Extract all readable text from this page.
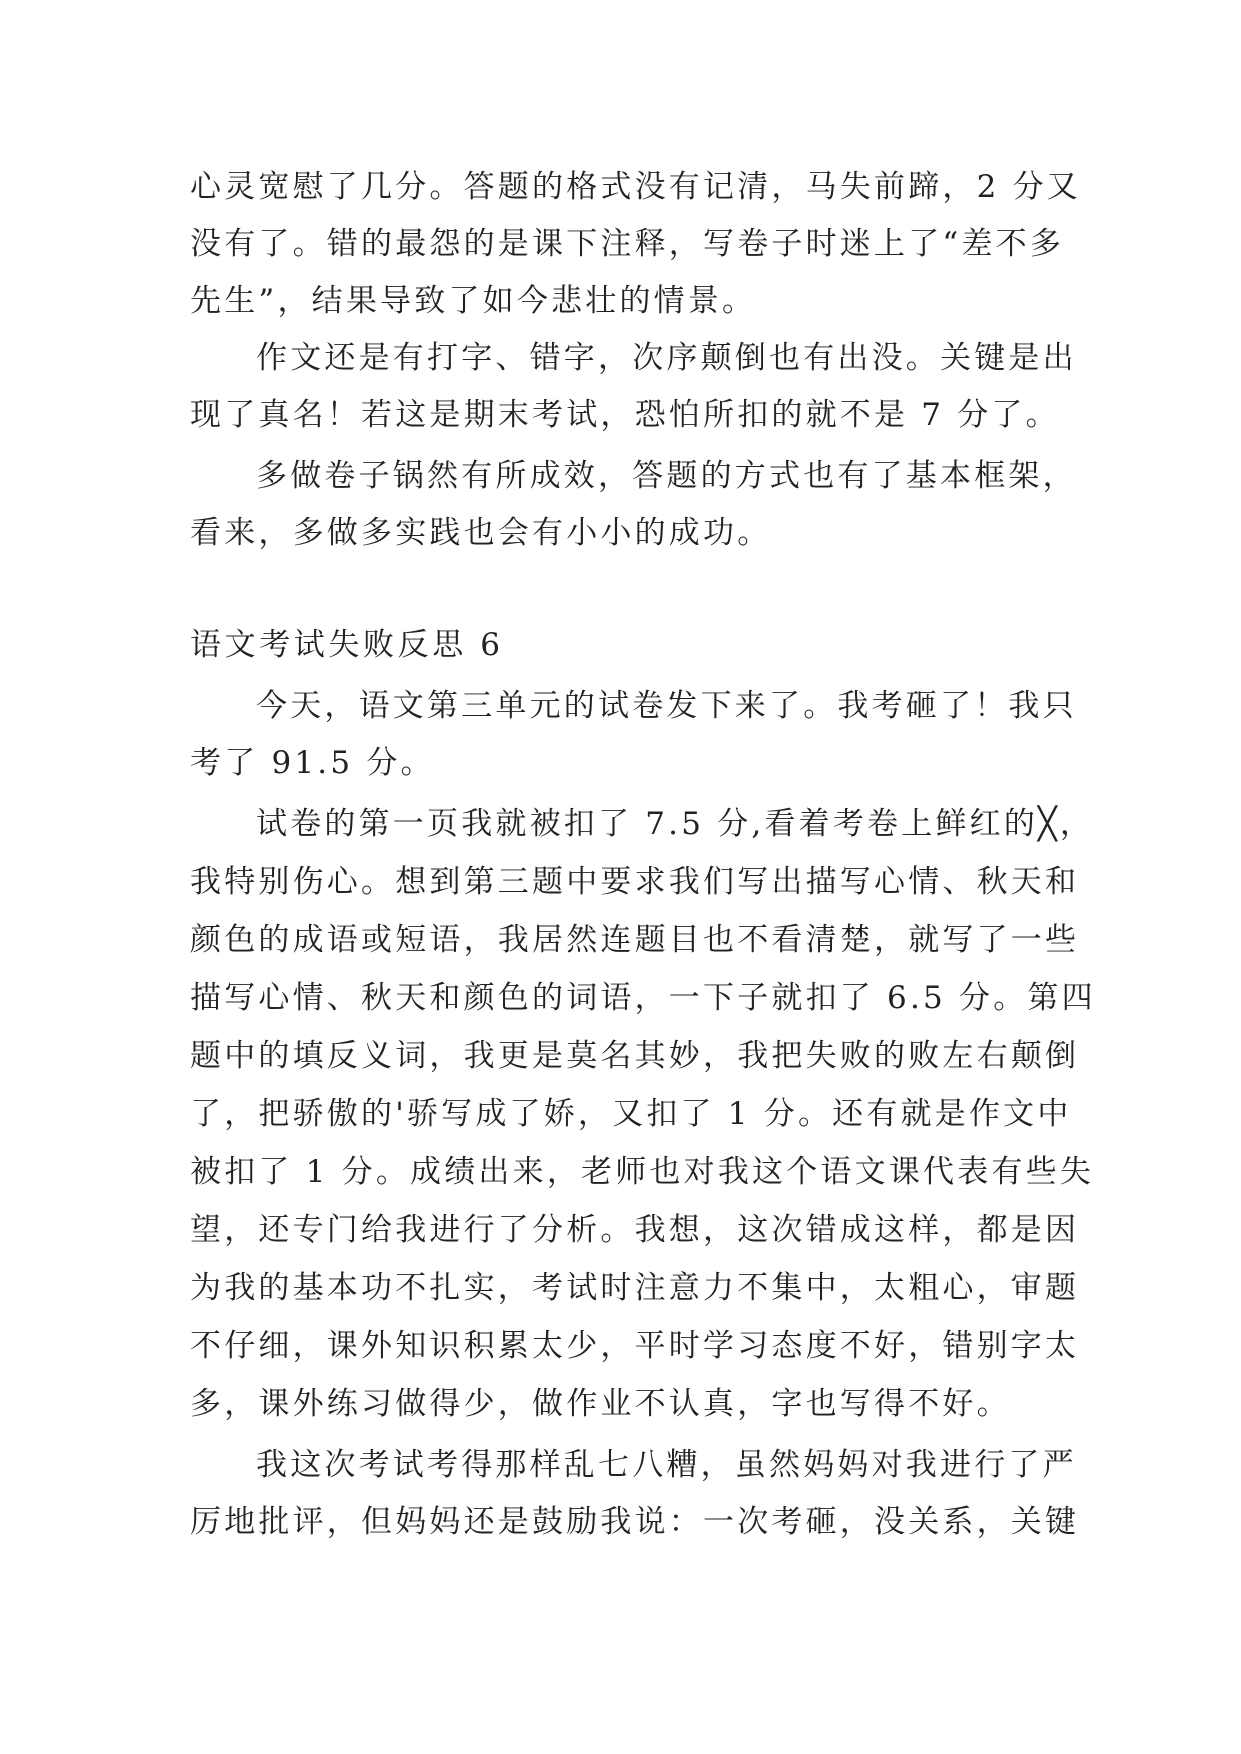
心灵宽慰了几分。答题的格式没有记清，马失前蹄，2 分又
没有了。错的最怨的是课下注释，写卷子时迷上了“差不多
先生”，结果导致了如今悲壮的情景。
作文还是有打字、错字，次序颠倒也有出没。关键是出
现了真名！若这是期末考试，恐怕所扣的就不是 7 分了。
多做卷子锅然有所成效，答题的方式也有了基本框架，
看来，多做多实践也会有小小的成功。
语文考试失败反思 6
今天，语文第三单元的试卷发下来了。我考砸了！我只
考了 91.5 分。
试卷的第一页我就被扣了 7.5 分,看着考卷上鲜红的╳，
我特别伤心。想到第三题中要求我们写出描写心情、秋天和
颜色的成语或短语，我居然连题目也不看清楚，就写了一些
描写心情、秋天和颜色的词语，一下子就扣了 6.5 分。第四
题中的填反义词，我更是莫名其妙，我把失败的败左右颠倒
了，把骄傲的'骄写成了娇，又扣了 1 分。还有就是作文中
被扣了 1 分。成绩出来，老师也对我这个语文课代表有些失
望，还专门给我进行了分析。我想，这次错成这样，都是因
为我的基本功不扎实，考试时注意力不集中，太粗心，审题
不仔细，课外知识积累太少，平时学习态度不好，错别字太
多，课外练习做得少，做作业不认真，字也写得不好。
我这次考试考得那样乱七八糟，虽然妈妈对我进行了严
厉地批评，但妈妈还是鼓励我说：一次考砸，没关系，关键
